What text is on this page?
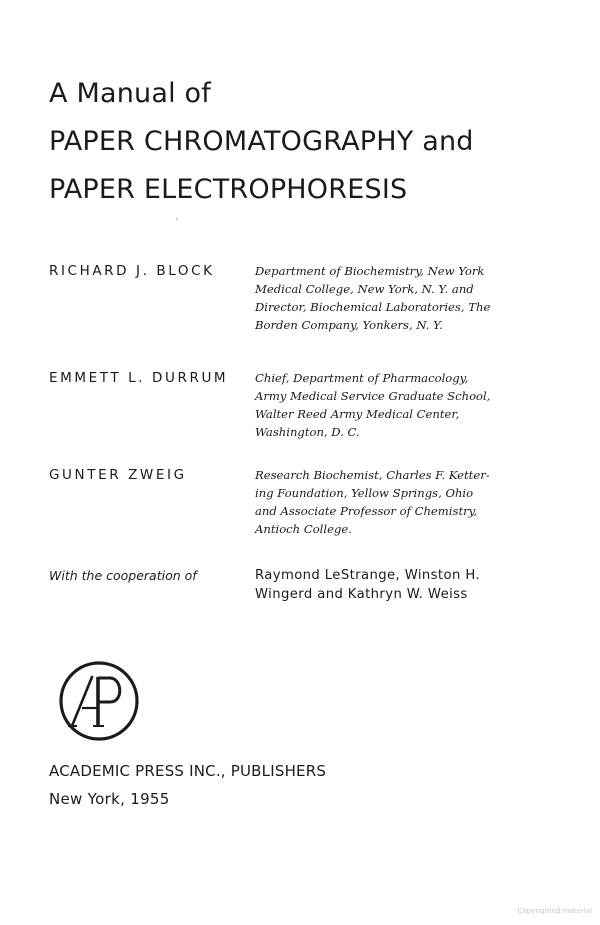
A Manual of
PAPER CHROMATOGRAPHY and
PAPER ELECTROPHORESIS
RICHARD J. BLOCK	Department of Biochemistry, New York
Medical College, New York, N. Y. and
Director, Biochemical Laboratories, The
Borden Company, Yonkers, N. Y.
EMMETT L. DURRUM Chief, Department of Pharmacology,
Army Medical Service Graduate School,
Walter Reed Army Medical Center,
Washington, D. C.
GUNTER ZWEIG	Research Biochemist, Charles F. Ketter-
ing Foundation, Yellow Springs, Ohio
and Associate Professor of Chemistry,
Antioch College.
With the cooperation of	Raymond LeStrange, Winston H.
Wingerd and Kathryn W. Weiss
ACADEMIC PRESS INC., PUBLISHERS
New York, 1955
Copyrighted material
